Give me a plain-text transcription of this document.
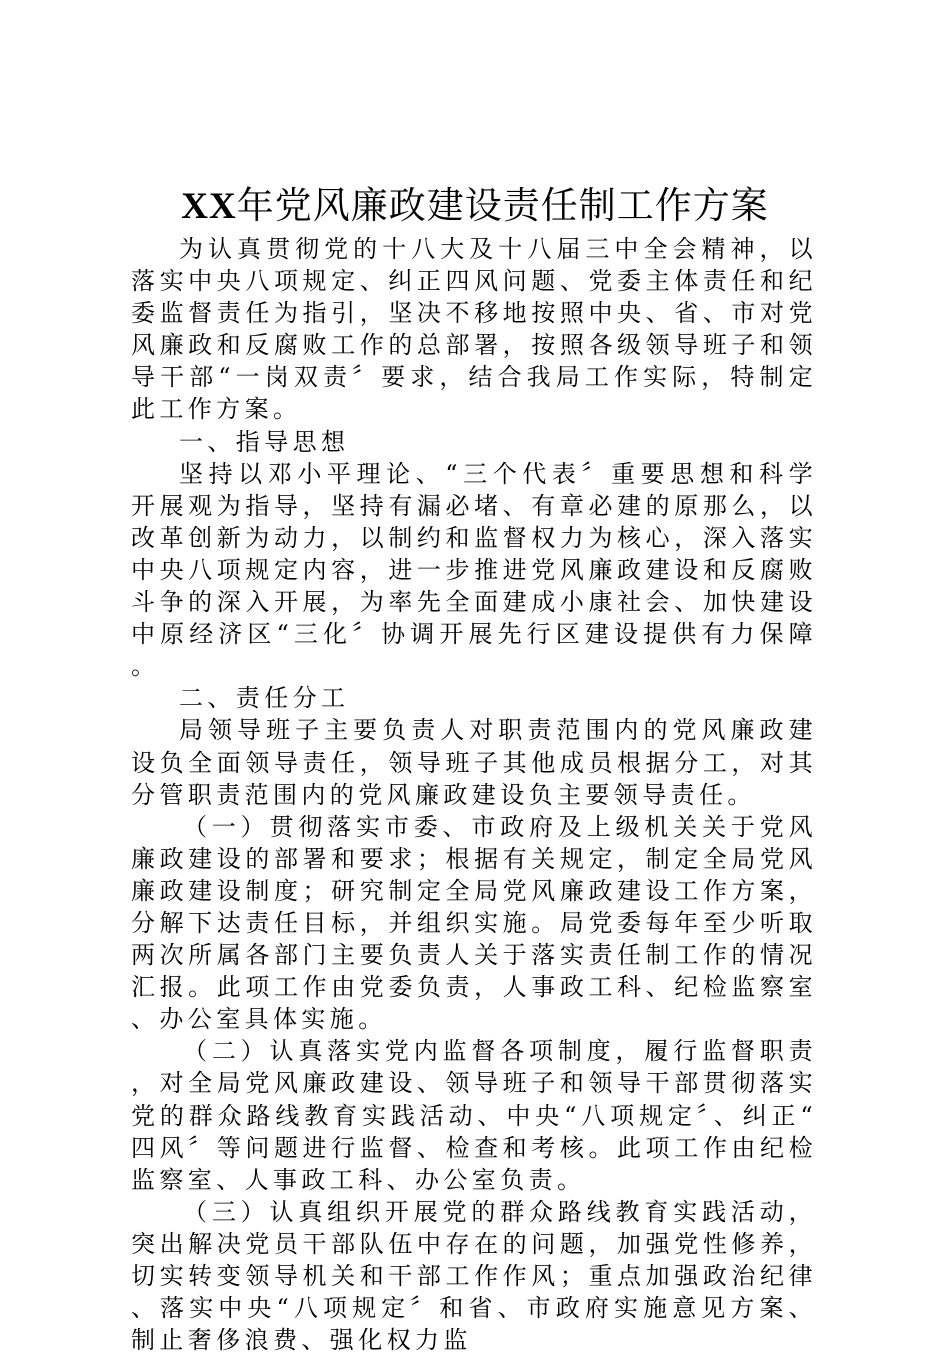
XX年党风廉政建设责任制工作方案

为认真贯彻党的十八大及十八届三中全会精神，以落实中央八项规定、纠正四风问题、党委主体责任和纪委监督责任为指引，坚决不移地按照中央、省、市对党风廉政和反腐败工作的总部署，按照各级领导班子和领导干部“一岗双责〞要求，结合我局工作实际，特制定此工作方案。

一、指导思想

坚持以邓小平理论、“三个代表〞重要思想和科学开展观为指导，坚持有漏必堵、有章必建的原那么，以改革创新为动力，以制约和监督权力为核心，深入落实中央八项规定内容，进一步推进党风廉政建设和反腐败斗争的深入开展，为率先全面建成小康社会、加快建设中原经济区“三化〞协调开展先行区建设提供有力保障。

二、责任分工

局领导班子主要负责人对职责范围内的党风廉政建设负全面领导责任，领导班子其他成员根据分工，对其分管职责范围内的党风廉政建设负主要领导责任。

（一）贯彻落实市委、市政府及上级机关关于党风廉政建设的部署和要求；根据有关规定，制定全局党风廉政建设制度；研究制定全局党风廉政建设工作方案，分解下达责任目标，并组织实施。局党委每年至少听取两次所属各部门主要负责人关于落实责任制工作的情况汇报。此项工作由党委负责，人事政工科、纪检监察室、办公室具体实施。

（二）认真落实党内监督各项制度，履行监督职责，对全局党风廉政建设、领导班子和领导干部贯彻落实党的群众路线教育实践活动、中央“八项规定〞、纠正“四风〞等问题进行监督、检查和考核。此项工作由纪检监察室、人事政工科、办公室负责。

（三）认真组织开展党的群众路线教育实践活动，突出解决党员干部队伍中存在的问题，加强党性修养，切实转变领导机关和干部工作作风；重点加强政治纪律、落实中央“八项规定〞和省、市政府实施意见方案、制止奢侈浪费、强化权力监
